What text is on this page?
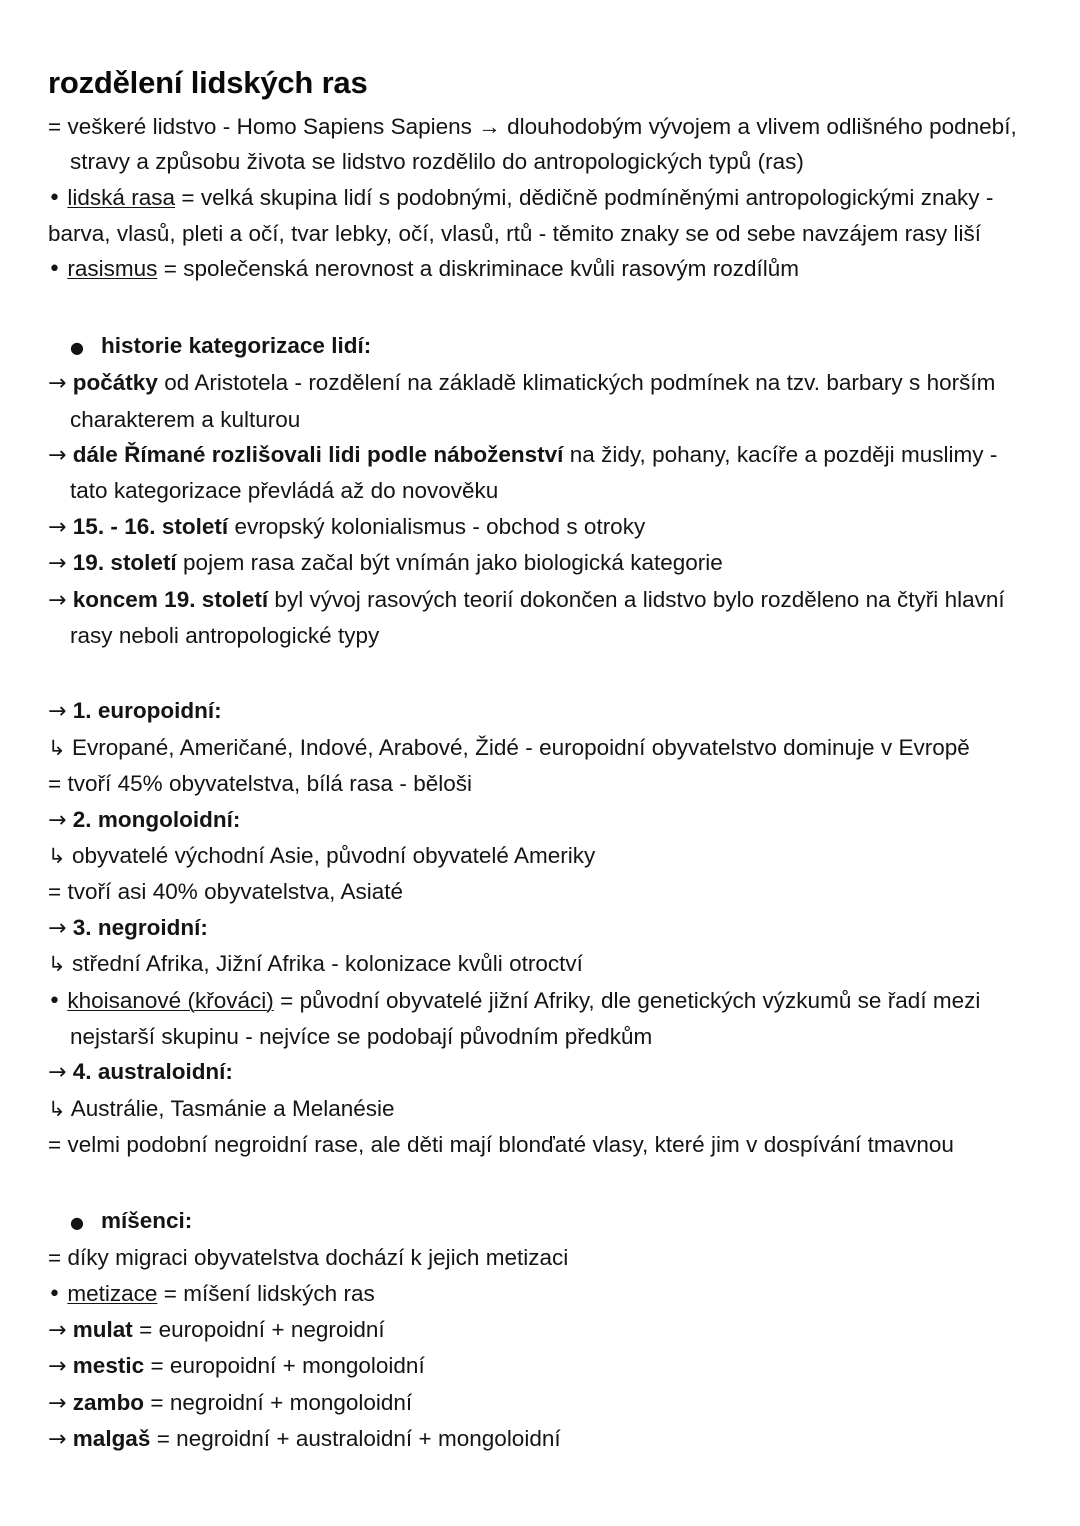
rozdělení lidských ras
= veškeré lidstvo - Homo Sapiens Sapiens → dlouhodobým vývojem a vlivem odlišného podnebí,
stravy a způsobu života se lidstvo rozdělilo do antropologických typů (ras)
• lidská rasa = velká skupina lidí s podobnými, dědičně podmíněnými antropologickými znaky -
barva, vlasů, pleti a očí, tvar lebky, očí, vlasů, rtů - těmito znaky se od sebe navzájem rasy liší
• rasismus = společenská nerovnost a diskriminace kvůli rasovým rozdílům
● historie kategorizace lidí:
→ počátky od Aristotela - rozdělení na základě klimatických podmínek na tzv. barbary s horším
charakterem a kulturou
→ dále Římané rozlišovali lidi podle náboženství na židy, pohany, kacíře a později muslimy -
tato kategorizace převládá až do novověku
→ 15. - 16. století evropský kolonialismus - obchod s otroky
→ 19. století pojem rasa začal být vnímán jako biologická kategorie
→ koncem 19. století byl vývoj rasových teorií dokončen a lidstvo bylo rozděleno na čtyři hlavní
rasy neboli antropologické typy
→ 1. europoidní:
↳ Evropané, Američané, Indové, Arabové, Židé - europoidní obyvatelstvo dominuje v Evropě
= tvoří 45% obyvatelstva, bílá rasa - běloši
→ 2. mongoloidní:
↳ obyvatelé východní Asie, původní obyvatelé Ameriky
= tvoří asi 40% obyvatelstva, Asiaté
→ 3. negroidní:
↳ střední Afrika, Jižní Afrika - kolonizace kvůli otroctví
• khoisanové (křováci) = původní obyvatelé jižní Afriky, dle genetických výzkumů se řadí mezi
nejstarší skupinu - nejvíce se podobají původním předkům
→ 4. australoidní:
↳ Austrálie, Tasmánie a Melanésie
= velmi podobní negroidní rase, ale děti mají blonďaté vlasy, které jim v dospívání tmavnou
● míšenci:
= díky migraci obyvatelstva dochází k jejich metizaci
• metizace = míšení lidských ras
→ mulat = europoidní + negroidní
→ mestic = europoidní + mongoloidní
→ zambo = negroidní + mongoloidní
→ malgaš = negroidní + australoidní + mongoloidní
